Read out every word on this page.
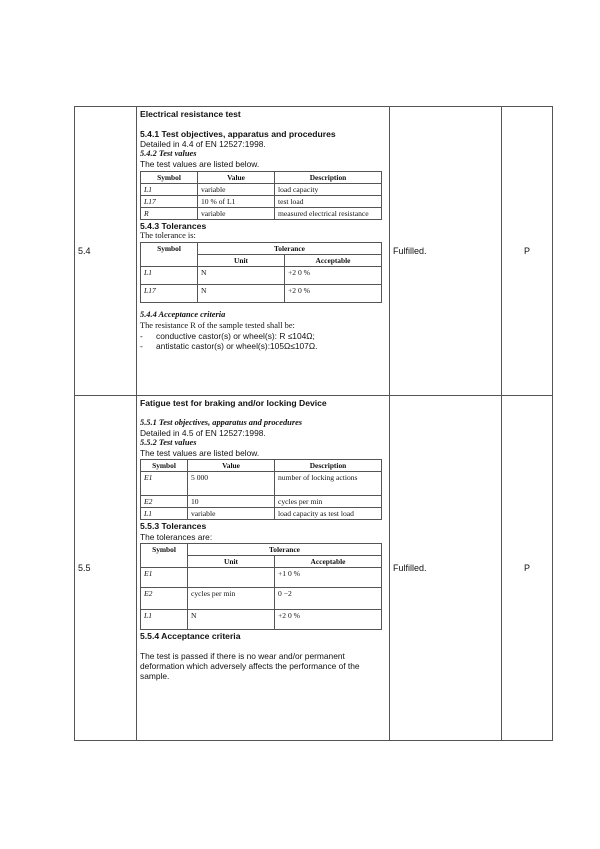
5.4	
Electrical resistance test
5.4.1 Test objectives, apparatus and procedures
Detailed in 4.4 of EN 12527:1998.
5.4.2 Test values
The test values are listed below.
Symbol	Value	Description
L1	variable	load capacity
L17	10 % of L1	test load
R	variable	measured electrical resistance
5.4.3 Tolerances
The tolerance is:
Symbol	Tolerance
Unit	Acceptable
L1	N	+2 0 %
L17	N	+2 0 %
5.4.4 Acceptance criteria
The resistance R of the sample tested shall be:
- conductive castor(s) or wheel(s): R ≤104Ω;
- antistatic castor(s) or wheel(s):105Ω≤107Ω.
	Fulfilled.	P
5.5	
Fatigue test for braking and/or locking Device
5.5.1 Test objectives, apparatus and procedures
Detailed in 4.5 of EN 12527:1998.
5.5.2 Test values
The test values are listed below.
Symbol	Value	Description
E1	5 000	number of locking actions
E2	10	cycles per min
L1	variable	load capacity as test load
5.5.3 Tolerances
The tolerances are:
Symbol	Tolerance
Unit	Acceptable
E1		+1 0 %
E2	cycles per min	0 −2
L1	N	+2 0 %
5.5.4 Acceptance criteria
The test is passed if there is no wear and/or permanent deformation which adversely affects the performance of the sample.
	Fulfilled.	P
